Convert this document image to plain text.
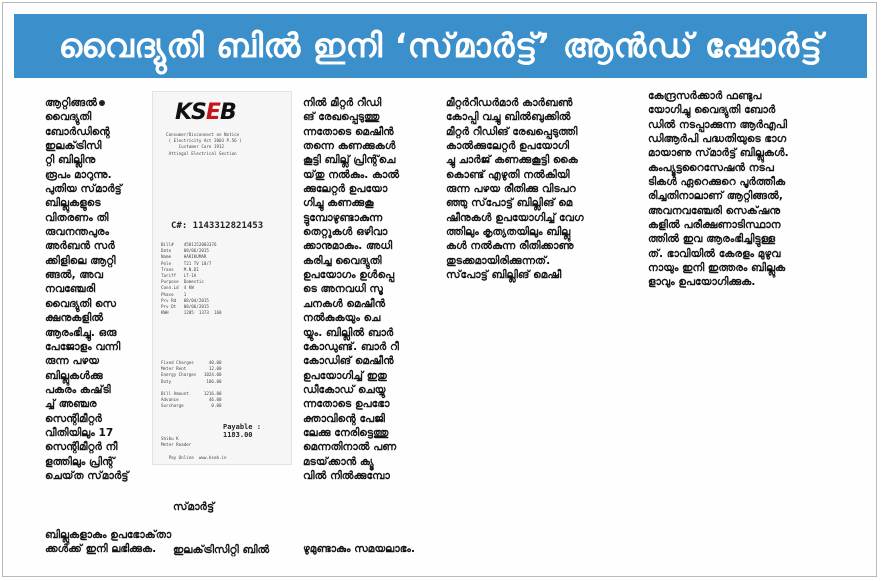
വൈദ്യുതി ബിൽ ഇനി ‘സ്‌മാർട്ട്’ ആൻഡ്‌ ഷോർട്ട്
ആറ്റിങ്ങൽ
വൈദ്യുതി
ബോർഡിന്റെ
ഇലക്‌ട്രിസി
റ്റി ബില്ലിനു
രൂപം മാറുന്നു.
പുതിയ സ്‌മാർട്ട്
ബില്ലുകളുടെ
വിതരണം തി
രുവനന്തപുരം
അർബൻ സർ
ക്കിളിലെ ആറ്റി
ങ്ങൽ, അവ
നവഞ്ചേരി
വൈദ്യുതി സെ
ക്ഷനുകളിൽ
ആരംഭിച്ചു. ഒരു
പേജോളം വന്നി
രുന്ന പഴയ
ബില്ലുകൾക്കു
പകരം കഷ്‌ടി
ച്ച് അഞ്ചര
സെന്റിമീറ്റർ
വീതിയിലും 17
സെന്റിമീറ്റർ നീ
ളത്തിലും പ്രിന്റ്
ചെയ്‌ത സ്‌മാർട്ട്
ബില്ലുകളാകും ഉപഭോക്‌താ
ക്കൾക്ക് ഇനി ലഭിക്കുക.
KSEB
Consumer/Disconnect on Notice
( Electricity Act 2003 P.56 )
Customer Care 1912
Attingal Electrical Section
C#: 1143312821453
Bill#    4581152003376
Date     08/06/2015
Name     HARIKUMAR
Pole     T21 TV 18/7
Trans    M.N.DI
Tariff   LT-1A
Purpose  Domestic
Conn.Ld  4 KW
Phase    1
Prv Rd   08/04/2015
Prv Dt   08/06/2015
KWH      1205  1373  168
Fixed Charges      40.00
Meter Rent         12.00
Energy Charges   1024.00
Duty              106.00

Bill Amount      1216.00
Advance            46.00
Surcharge           0.00
Payable : 1183.00
Shibu K
Meter Reader

Pay Online  www.kseb.in

സ്‌മാർട്ട്

ഇലക്‌ട്രിസിറ്റി ബിൽ

നിൽ മീറ്റർ റീഡി
ങ് രേഖപ്പെടുത്തു
ന്നതോടെ മെഷീൻ
തന്നെ കണക്കുകൾ
കൂട്ടി ബില്ല് പ്രിന്റ്‌ചെ
യ്‌തു നൽകും. കാൽ
ക്കുലേറ്റർ ഉപയോ
ഗിച്ചു കണക്കുകൂ
ട്ടുമ്പോഴുണ്ടാകുന്ന
തെറ്റുകൾ ഒഴിവാ
ക്കാനുമാകും. അധി
കരിച്ച വൈദ്യുതി
ഉപയോഗം ഉൾപ്പെ
ടെ അനവധി സൂ
ചനകൾ മെഷീൻ
നൽകുകയും ചെ
യ്യും. ബില്ലിൽ ബാർ
കോഡുണ്ട്. ബാർ റീ
കോഡിങ് മെഷീൻ
ഉപയോഗിച്ച് ഇതു
ഡീകോഡ് ചെയ്യു
ന്നതോടെ ഉപഭോ
ക്താവിന്റെ പേജി
ലേക്കു നേരിട്ടെത്തു
മെന്നതിനാൽ പണ
മടയ്‌ക്കാൻ ക്യൂ
വിൽ നിൽക്കുമ്പോ
ഴുമുണ്ടാകും സമയലാഭം.
മീറ്റർറീഡർമാർ കാർബൺ
കോപ്പി വച്ചു ബിൽബുക്കിൽ
മീറ്റർ റീഡിങ് രേഖപ്പെടുത്തി
കാൽക്കുലേറ്റർ ഉപയോഗി
ച്ചു ചാർജ് കണക്കുകൂട്ടി കൈ
കൊണ്ട് എഴുതി നൽകിയി
രുന്ന പഴയ രീതിക്കു വിടപറ
ഞ്ഞു സ്‌പോട്ട് ബില്ലിങ് മെ
ഷീനുകൾ ഉപയോഗിച്ച് വേഗ
ത്തിലും കൃത്യതയിലും ബില്ലു
കൾ നൽകുന്ന രീതിക്കാണു
തുടക്കമായിരിക്കുന്നത്.
സ്‌പോട്ട് ബില്ലിങ് മെഷീ
കേന്ദ്രസർക്കാർ ഫണ്ടുപ
യോഗിച്ചു വൈദ്യുതി ബോർ
ഡിൽ നടപ്പാക്കുന്ന ആർഎപി
ഡിആർപി പദ്ധതിയുടെ ഭാഗ
മായാണു സ്‌മാർട്ട് ബില്ലുകൾ.
കംപ്യൂട്ടറൈസേഷൻ നടപ
ടികൾ ഏറെക്കുറെ പൂർത്തീക
രിച്ചതിനാലാണ് ആറ്റിങ്ങൽ,
അവനവഞ്ചേരി സെക്‌ഷനു
കളിൽ പരീക്ഷണാടിസ്ഥാന
ത്തിൽ ഇവ ആരംഭിച്ചിട്ടുള്ള
ത്. ഭാവിയിൽ കേരളം മുഴുവ
നായും ഇനി ഇത്തരം ബില്ലുക
ളാവും ഉപയോഗിക്കുക.
